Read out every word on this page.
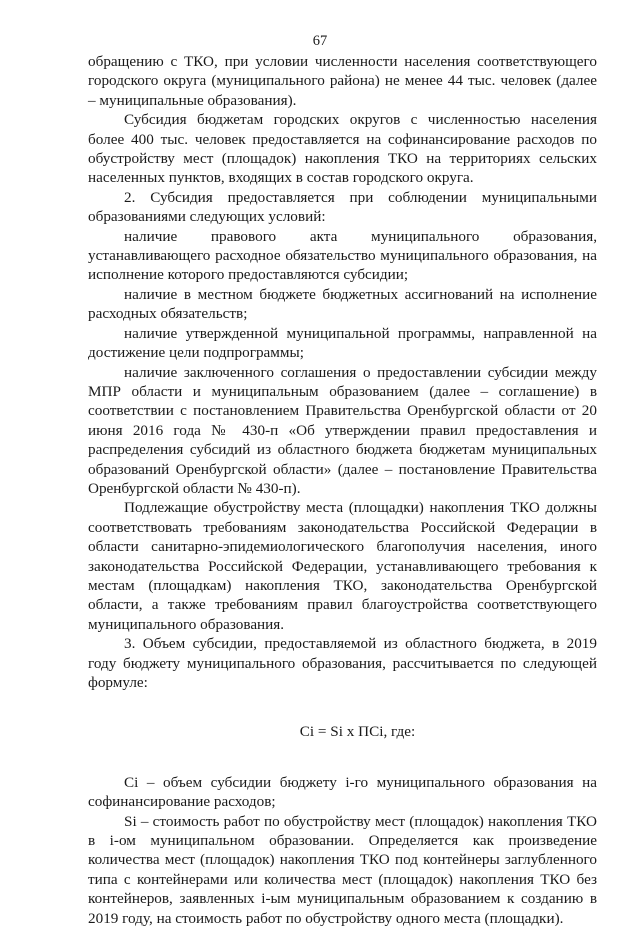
67

обращению с ТКО, при условии численности населения соответствующего городского округа (муниципального района) не менее 44 тыс. человек (далее – муниципальные образования).

Субсидия бюджетам городских округов с численностью населения более 400 тыс. человек предоставляется на софинансирование расходов по обустройству мест (площадок) накопления ТКО на территориях сельских населенных пунктов, входящих в состав городского округа.

2. Субсидия предоставляется при соблюдении муниципальными образованиями следующих условий:

наличие правового акта муниципального образования, устанавливающего расходное обязательство муниципального образования, на исполнение которого предоставляются субсидии;

наличие в местном бюджете бюджетных ассигнований на исполнение расходных обязательств;

наличие утвержденной муниципальной программы, направленной на достижение цели подпрограммы;

наличие заключенного соглашения о предоставлении субсидии между МПР области и муниципальным образованием (далее – соглашение) в соответствии с постановлением Правительства Оренбургской области от 20 июня 2016 года № 430-п «Об утверждении правил предоставления и распределения субсидий из областного бюджета бюджетам муниципальных образований Оренбургской области» (далее – постановление Правительства Оренбургской области № 430-п).

Подлежащие обустройству места (площадки) накопления ТКО должны соответствовать требованиям законодательства Российской Федерации в области санитарно-эпидемиологического благополучия населения, иного законодательства Российской Федерации, устанавливающего требования к местам (площадкам) накопления ТКО, законодательства Оренбургской области, а также требованиям правил благоустройства соответствующего муниципального образования.

3. Объем субсидии, предоставляемой из областного бюджета, в 2019 году бюджету муниципального образования, рассчитывается по следующей формуле:

Ci = Si x ПСi, где:

Ci – объем субсидии бюджету i-го муниципального образования на софинансирование расходов;

Si – стоимость работ по обустройству мест (площадок) накопления ТКО в i-ом муниципальном образовании. Определяется как произведение количества мест (площадок) накопления ТКО под контейнеры заглубленного типа с контейнерами или количества мест (площадок) накопления ТКО без контейнеров, заявленных i-ым муниципальным образованием к созданию в 2019 году, на стоимость работ по обустройству одного места (площадки).
